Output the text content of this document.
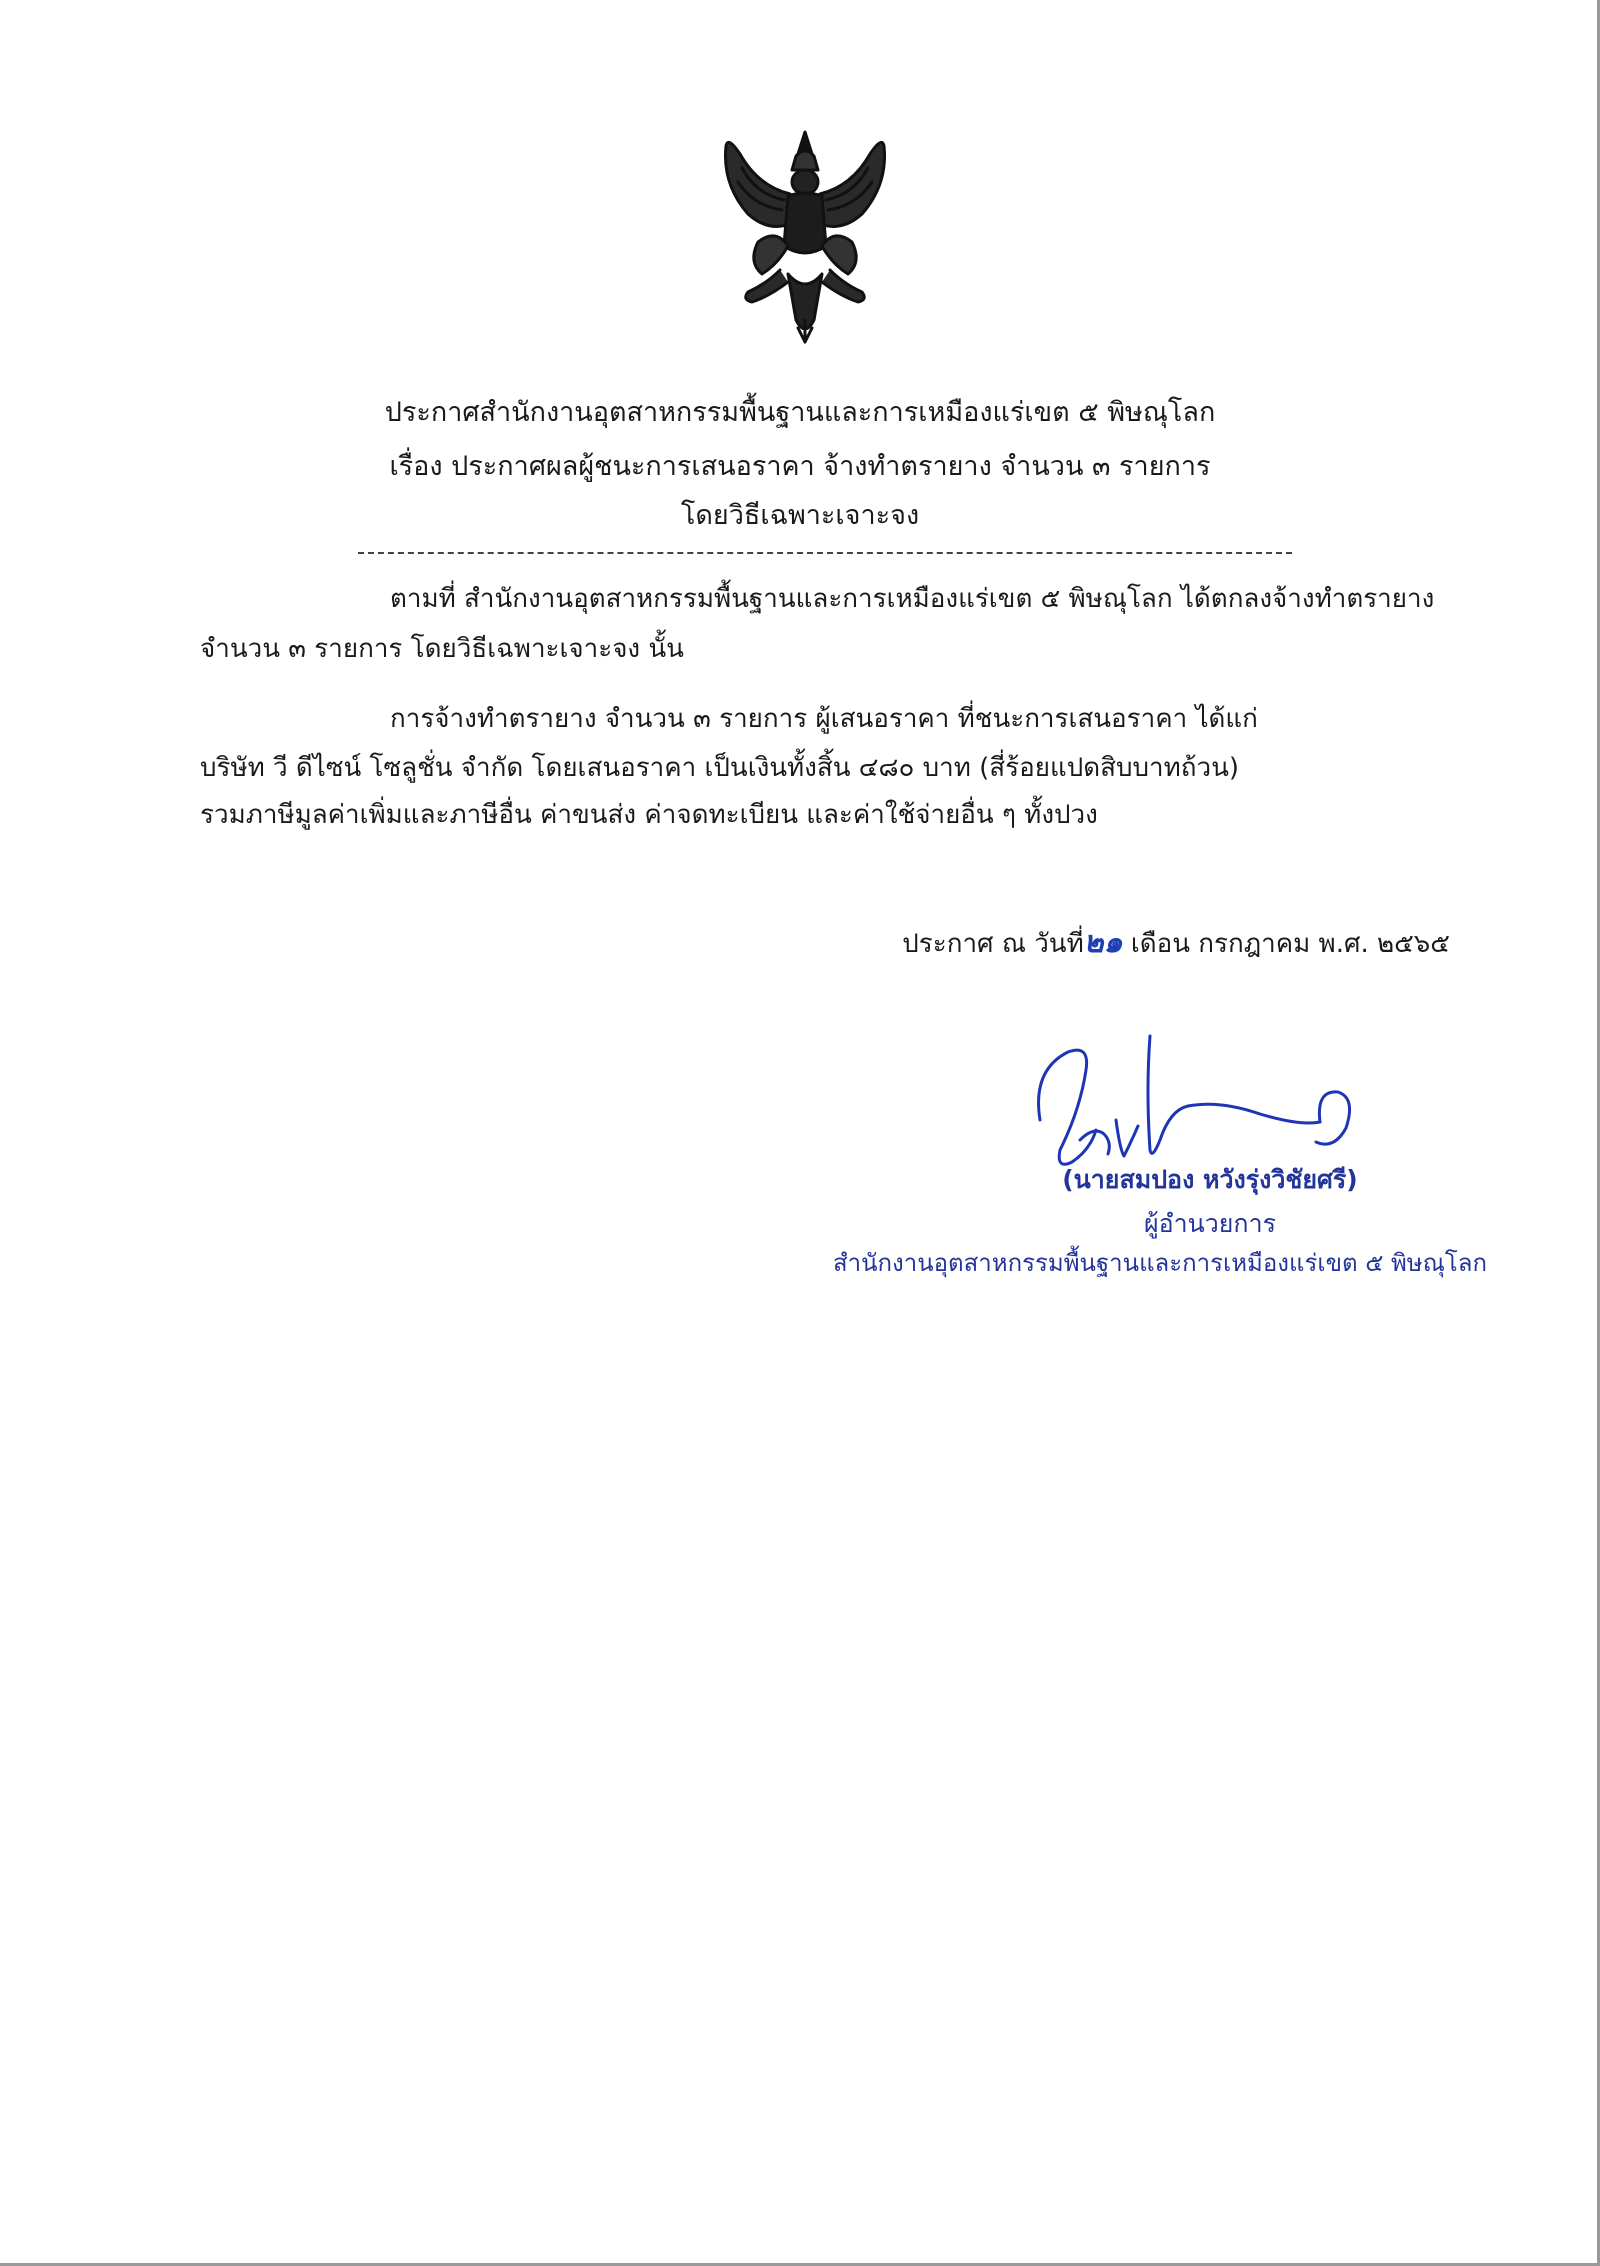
ประกาศสำนักงานอุตสาหกรรมพื้นฐานและการเหมืองแร่เขต ๕ พิษณุโลก
เรื่อง ประกาศผลผู้ชนะการเสนอราคา จ้างทำตรายาง จำนวน ๓ รายการ
โดยวิธีเฉพาะเจาะจง
ตามที่ สำนักงานอุตสาหกรรมพื้นฐานและการเหมืองแร่เขต ๕ พิษณุโลก ได้ตกลงจ้างทำตรายาง
จำนวน ๓ รายการ โดยวิธีเฉพาะเจาะจง นั้น
การจ้างทำตรายาง จำนวน ๓ รายการ ผู้เสนอราคา ที่ชนะการเสนอราคา ได้แก่
บริษัท วี ดีไซน์ โซลูชั่น จำกัด โดยเสนอราคา เป็นเงินทั้งสิ้น ๔๘๐ บาท (สี่ร้อยแปดสิบบาทถ้วน)
รวมภาษีมูลค่าเพิ่มและภาษีอื่น ค่าขนส่ง ค่าจดทะเบียน และค่าใช้จ่ายอื่น ๆ ทั้งปวง
ประกาศ ณ วันที่๒๑ เดือน กรกฎาคม พ.ศ. ๒๕๖๕
(นายสมปอง หวังรุ่งวิชัยศรี)
ผู้อำนวยการ
สำนักงานอุตสาหกรรมพื้นฐานและการเหมืองแร่เขต ๕ พิษณุโลก
